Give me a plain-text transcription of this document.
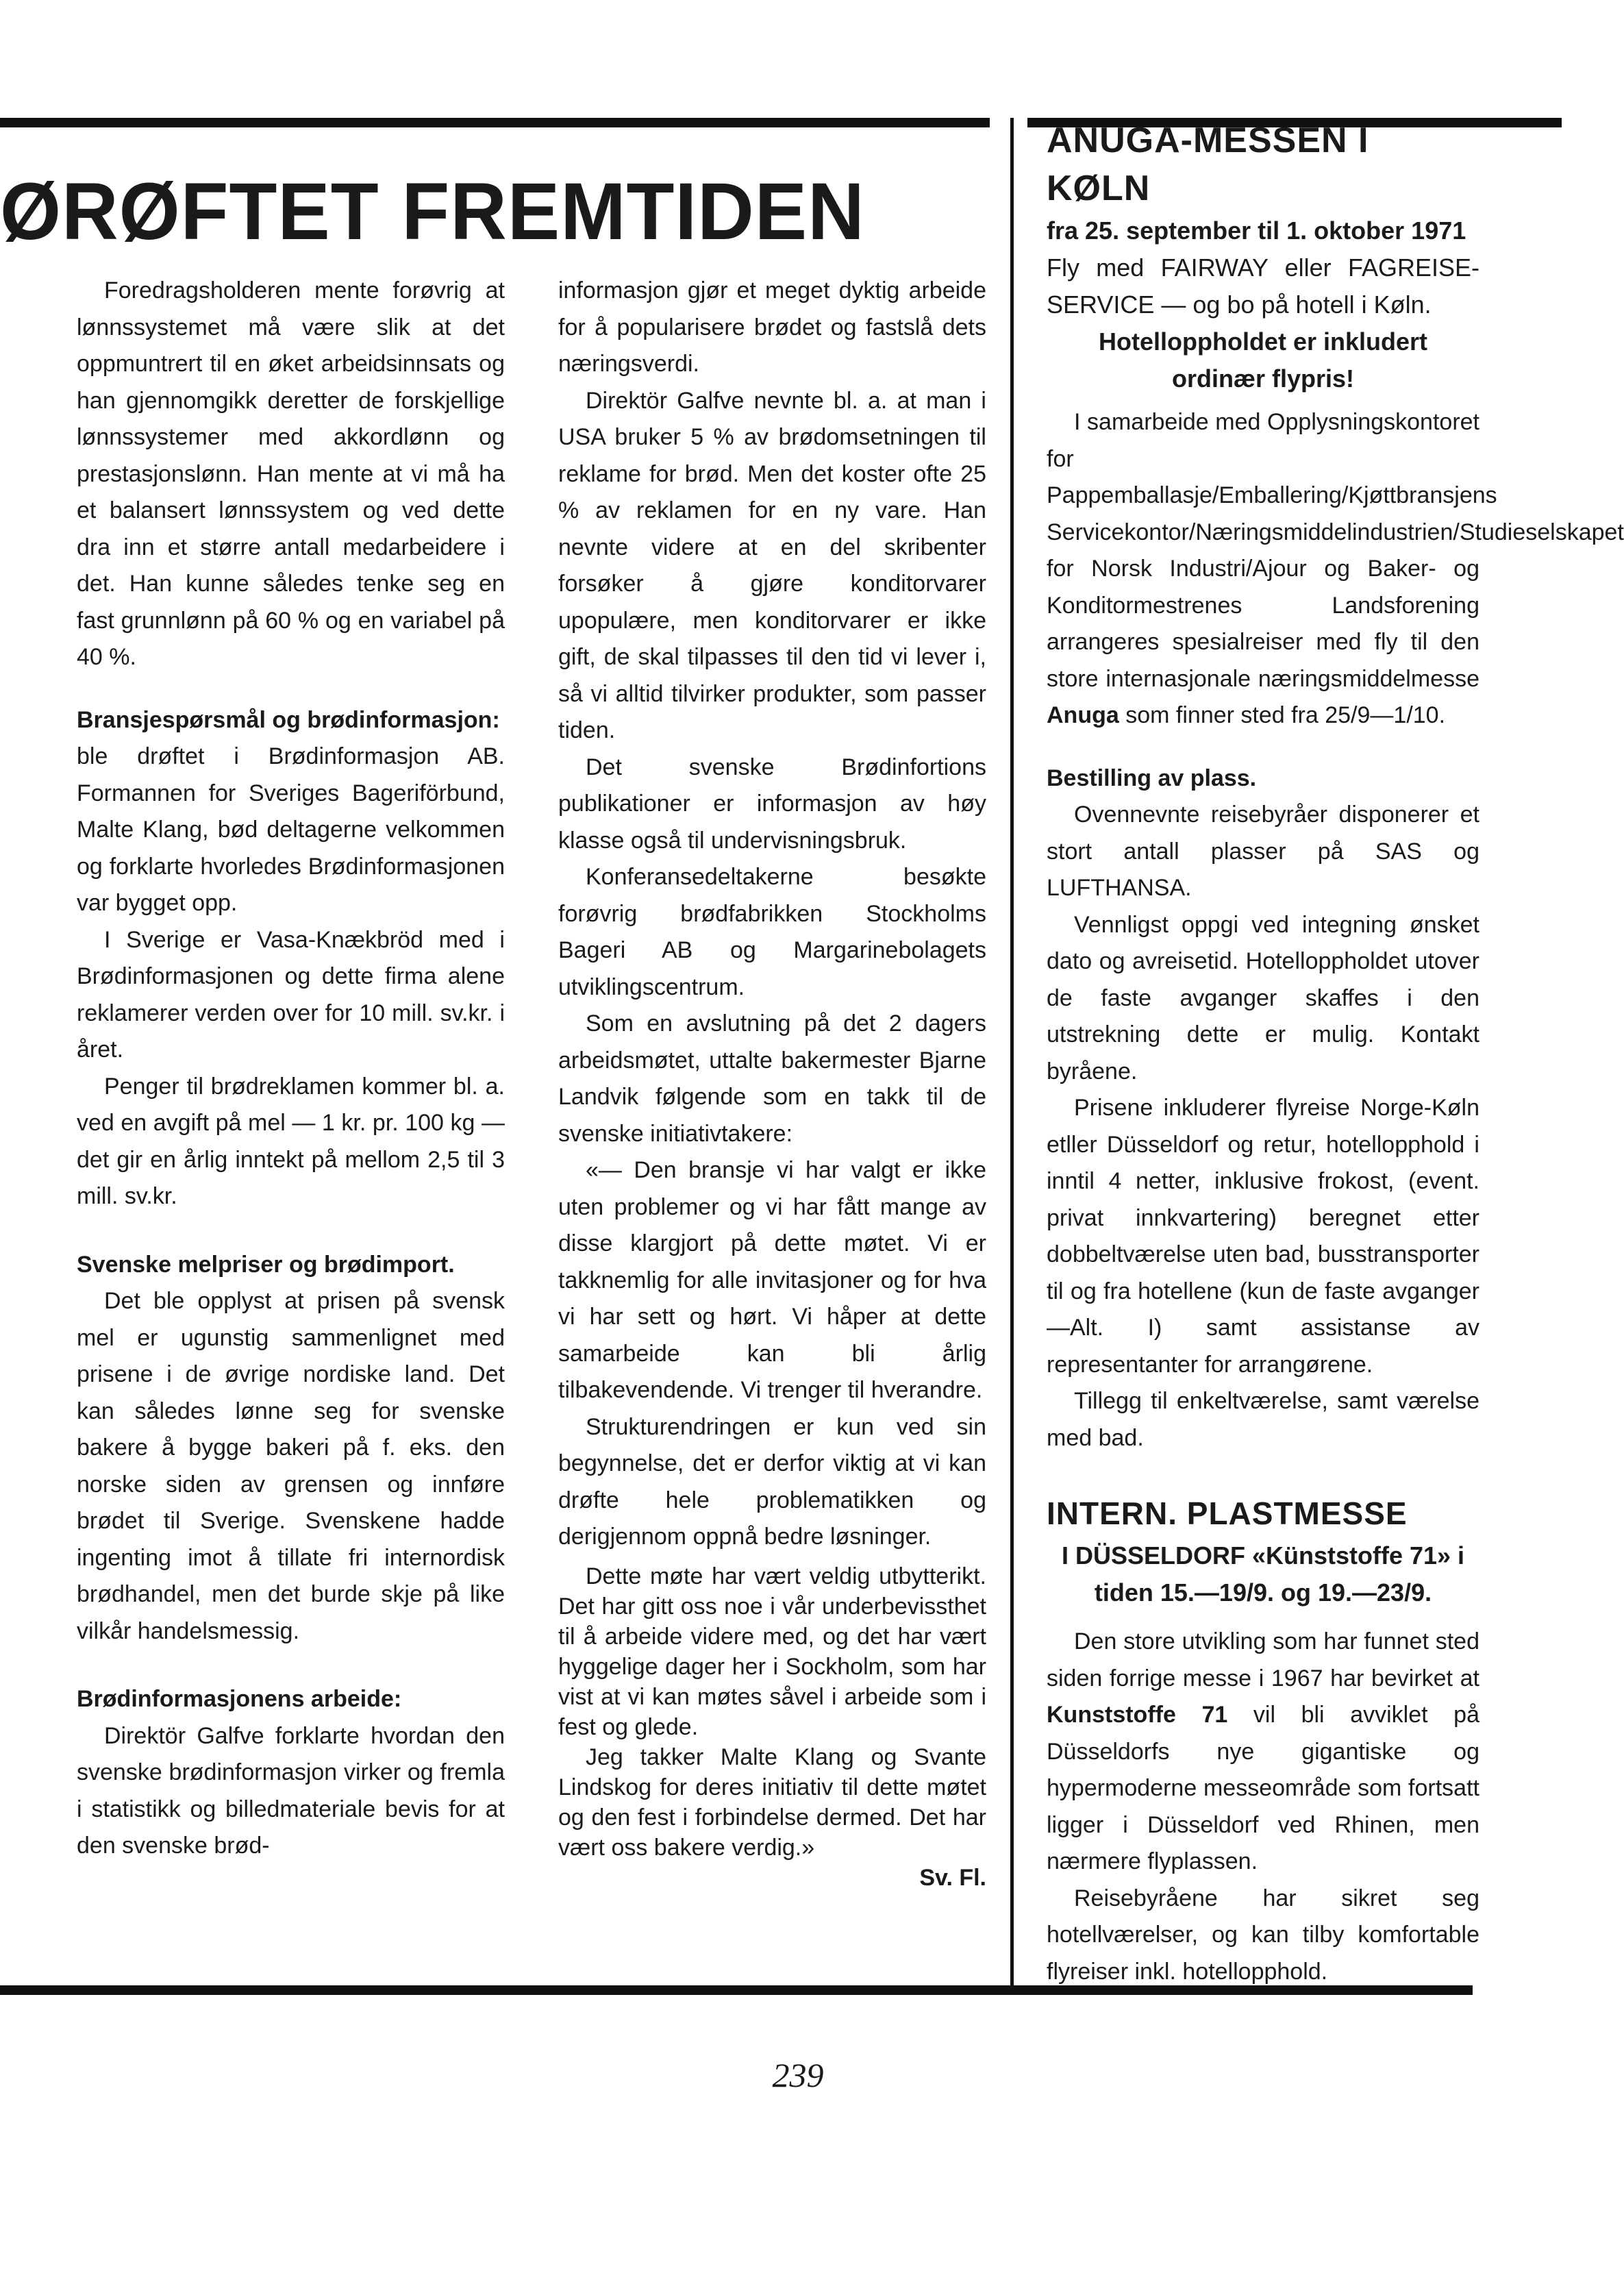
ØRØFTET FREMTIDEN

Foredragsholderen mente forøvrig at lønnssystemet må være slik at det oppmuntrert til en øket arbeidsinnsats og han gjennomgikk deretter de forskjellige lønnssystemer med akkordlønn og prestasjonslønn. Han mente at vi må ha et balansert lønnssystem og ved dette dra inn et større antall medarbeidere i det. Han kunne således tenke seg en fast grunnlønn på 60 % og en variabel på 40 %.

Bransjespørsmål og brødinformasjon:

ble drøftet i Brødinformasjon AB. Formannen for Sveriges Bageriförbund, Malte Klang, bød deltagerne velkommen og forklarte hvorledes Brødinformasjonen var bygget opp.

I Sverige er Vasa-Knækbröd med i Brødinformasjonen og dette firma alene reklamerer verden over for 10 mill. sv.kr. i året.

Penger til brødreklamen kommer bl. a. ved en avgift på mel — 1 kr. pr. 100 kg — det gir en årlig inntekt på mellom 2,5 til 3 mill. sv.kr.

Svenske melpriser og brødimport.

Det ble opplyst at prisen på svensk mel er ugunstig sammenlignet med prisene i de øvrige nordiske land. Det kan således lønne seg for svenske bakere å bygge bakeri på f. eks. den norske siden av grensen og innføre brødet til Sverige. Svenskene hadde ingenting imot å tillate fri internordisk brødhandel, men det burde skje på like vilkår handelsmessig.

Brødinformasjonens arbeide:

Direktör Galfve forklarte hvordan den svenske brødinformasjon virker og fremla i statistikk og billedmateriale bevis for at den svenske brød-

informasjon gjør et meget dyktig arbeide for å popularisere brødet og fastslå dets næringsverdi.

Direktör Galfve nevnte bl. a. at man i USA bruker 5 % av brødomsetningen til reklame for brød. Men det koster ofte 25 % av reklamen for en ny vare. Han nevnte videre at en del skribenter forsøker å gjøre konditorvarer upopulære, men konditorvarer er ikke gift, de skal tilpasses til den tid vi lever i, så vi alltid tilvirker produkter, som passer tiden.

Det svenske Brødinfortions publikationer er informasjon av høy klasse også til undervisningsbruk.

Konferansedeltakerne besøkte forøvrig brødfabrikken Stockholms Bageri AB og Margarinebolagets utviklingscentrum.

Som en avslutning på det 2 dagers arbeidsmøtet, uttalte bakermester Bjarne Landvik følgende som en takk til de svenske initiativtakere:

«— Den bransje vi har valgt er ikke uten problemer og vi har fått mange av disse klargjort på dette møtet. Vi er takknemlig for alle invitasjoner og for hva vi har sett og hørt. Vi håper at dette samarbeide kan bli årlig tilbakevendende. Vi trenger til hverandre.

Strukturendringen er kun ved sin begynnelse, det er derfor viktig at vi kan drøfte hele problematikken og derigjennom oppnå bedre løsninger.

Dette møte har vært veldig utbytterikt. Det har gitt oss noe i vår underbevissthet til å arbeide videre med, og det har vært hyggelige dager her i Sockholm, som har vist at vi kan møtes såvel i arbeide som i fest og glede.

Jeg takker Malte Klang og Svante Lindskog for deres initiativ til dette møtet og den fest i forbindelse dermed. Det har vært oss bakere verdig.»

Sv. Fl.

ANUGA-MESSEN I KØLN

fra 25. september til 1. oktober 1971

Fly med FAIRWAY eller FAGREISE-SERVICE — og bo på hotell i Køln.

Hotelloppholdet er inkludert ordinær flypris!

I samarbeide med Opplysningskontoret for Pappemballasje/Emballering/Kjøttbransjens Servicekontor/Næringsmiddelindustrien/Studieselskapet for Norsk Industri/Ajour og Baker- og Konditormestrenes Landsforening arrangeres spesialreiser med fly til den store internasjonale næringsmiddelmesse Anuga som finner sted fra 25/9—1/10.

Bestilling av plass.

Ovennevnte reisebyråer disponerer et stort antall plasser på SAS og LUFTHANSA.

Vennligst oppgi ved integning ønsket dato og avreisetid. Hotelloppholdet utover de faste avganger skaffes i den utstrekning dette er mulig. Kontakt byråene.

Prisene inkluderer flyreise Norge-Køln etller Düsseldorf og retur, hotellopphold i inntil 4 netter, inklusive frokost, (event. privat innkvartering) beregnet etter dobbeltværelse uten bad, busstransporter til og fra hotellene (kun de faste avganger —Alt. I) samt assistanse av representanter for arrangørene.

Tillegg til enkeltværelse, samt værelse med bad.

INTERN. PLASTMESSE

I DÜSSELDORF «Künststoffe 71» i tiden 15.—19/9. og 19.—23/9.

Den store utvikling som har funnet sted siden forrige messe i 1967 har bevirket at Kunststoffe 71 vil bli avviklet på Düsseldorfs nye gigantiske og hypermoderne messeområde som fortsatt ligger i Düsseldorf ved Rhinen, men nærmere flyplassen.

Reisebyråene har sikret seg hotellværelser, og kan tilby komfortable flyreiser inkl. hotellopphold.

239
